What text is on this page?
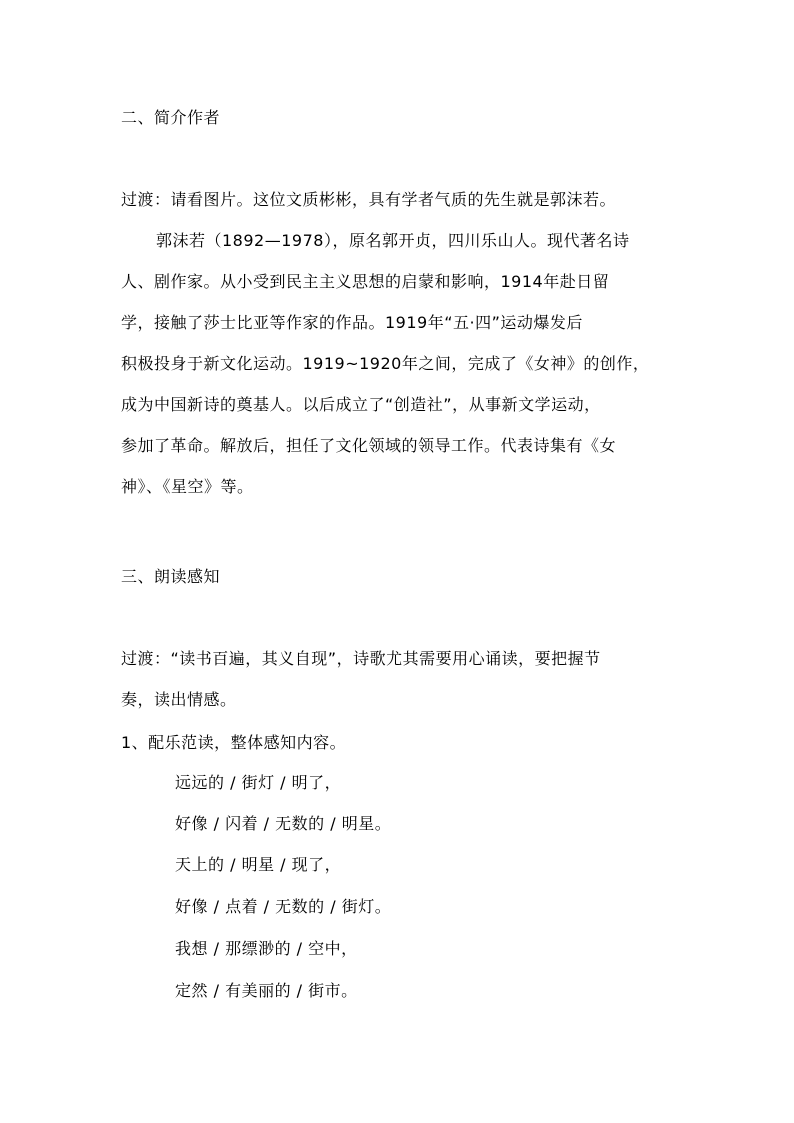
二、简介作者
过渡：请看图片。这位文质彬彬，具有学者气质的先生就是郭沫若。
郭沫若（1892—1978），原名郭开贞，四川乐山人。现代著名诗
人、剧作家。从小受到民主主义思想的启蒙和影响，1914年赴日留
学，接触了莎士比亚等作家的作品。1919年“五·四”运动爆发后
积极投身于新文化运动。1919~1920年之间，完成了《女神》的创作，
成为中国新诗的奠基人。以后成立了“创造社”，从事新文学运动，
参加了革命。解放后，担任了文化领域的领导工作。代表诗集有《女
神》、《星空》等。
三、朗读感知
过渡：“读书百遍，其义自现”，诗歌尤其需要用心诵读，要把握节
奏，读出情感。
1、配乐范读，整体感知内容。
远远的 / 街灯 / 明了，
好像 / 闪着 / 无数的 / 明星。
天上的 / 明星 / 现了，
好像 / 点着 / 无数的 / 街灯。
我想 / 那缥渺的 / 空中，
定然 / 有美丽的 / 街市。
